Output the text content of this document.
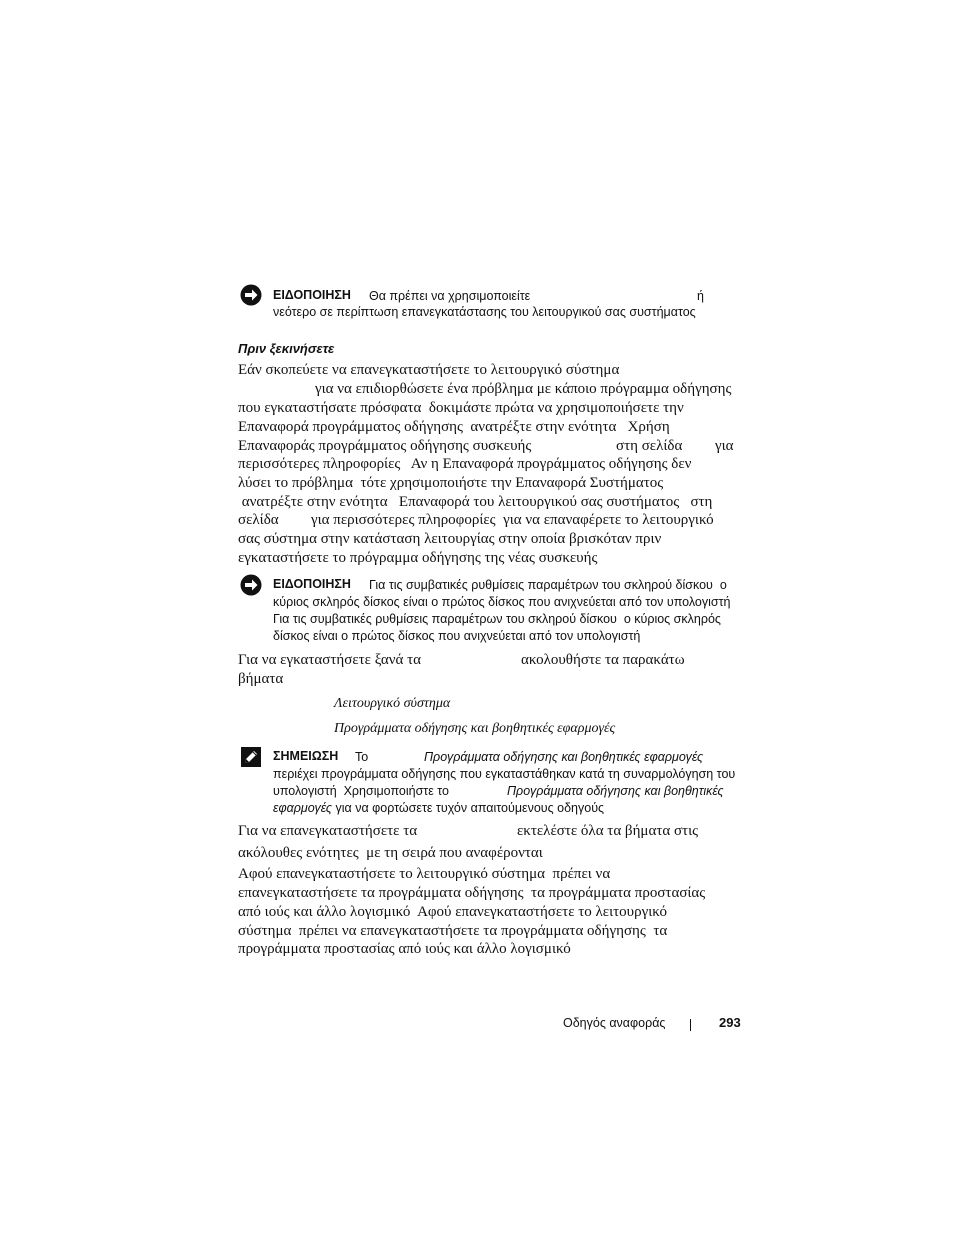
ΕΙΔΟΠΟΙΗΣΗ Θα πρέπει να χρησιμοποιείτε	ή
νεότερο σε περίπτωση επανεγκατάστασης του λειτουργικού σας συστήματος
Πριν ξεκινήσετε
Εάν σκοπεύετε να επανεγκαταστήσετε το λειτουργικό σύστημα
για να επιδιορθώσετε ένα πρόβλημα με κάποιο πρόγραμμα οδήγησης
που εγκαταστήσατε πρόσφατα  δοκιμάστε πρώτα να χρησιμοποιήσετε την
Επαναφορά προγράμματος οδήγησης  ανατρέξτε στην ενότητα   Χρήση
Επαναφοράς προγράμματος οδήγησης συσκευής	στη σελίδα για
περισσότερες πληροφορίες   Αν η Επαναφορά προγράμματος οδήγησης δεν
λύσει το πρόβλημα  τότε χρησιμοποιήστε την Επαναφορά Συστήματος
ανατρέξτε στην ενότητα   Επαναφορά του λειτουργικού σας συστήματος   στη
σελίδα για περισσότερες πληροφορίες  για να επαναφέρετε το λειτουργικό
σας σύστημα στην κατάσταση λειτουργίας στην οποία βρισκόταν πριν
εγκαταστήσετε το πρόγραμμα οδήγησης της νέας συσκευής
ΕΙΔΟΠΟΙΗΣΗ Για τις συμβατικές ρυθμίσεις παραμέτρων του σκληρού δίσκου  ο
κύριος σκληρός δίσκος είναι ο πρώτος δίσκος που ανιχνεύεται από τον υπολογιστή
Για τις συμβατικές ρυθμίσεις παραμέτρων του σκληρού δίσκου  ο κύριος σκληρός
δίσκος είναι ο πρώτος δίσκος που ανιχνεύεται από τον υπολογιστή
Για να εγκαταστήσετε ξανά τα	ακολουθήστε τα παρακάτω
βήματα
Λειτουργικό σύστημα
Προγράμματα οδήγησης και βοηθητικές εφαρμογές
ΣΗΜΕΙΩΣΗ Το	Προγράμματα οδήγησης και βοηθητικές εφαρμογές
περιέχει προγράμματα οδήγησης που εγκαταστάθηκαν κατά τη συναρμολόγηση του
υπολογιστή  Χρησιμοποιήστε το	Προγράμματα οδήγησης και βοηθητικές
εφαρμογές για να φορτώσετε τυχόν απαιτούμενους οδηγούς
Για να επανεγκαταστήσετε τα	εκτελέστε όλα τα βήματα στις
ακόλουθες ενότητες  με τη σειρά που αναφέρονται
Αφού επανεγκαταστήσετε το λειτουργικό σύστημα  πρέπει να
επανεγκαταστήσετε τα προγράμματα οδήγησης  τα προγράμματα προστασίας
από ιούς και άλλο λογισμικό  Αφού επανεγκαταστήσετε το λειτουργικό
σύστημα  πρέπει να επανεγκαταστήσετε τα προγράμματα οδήγησης  τα
προγράμματα προστασίας από ιούς και άλλο λογισμικό
Οδηγός αναφοράς	293
